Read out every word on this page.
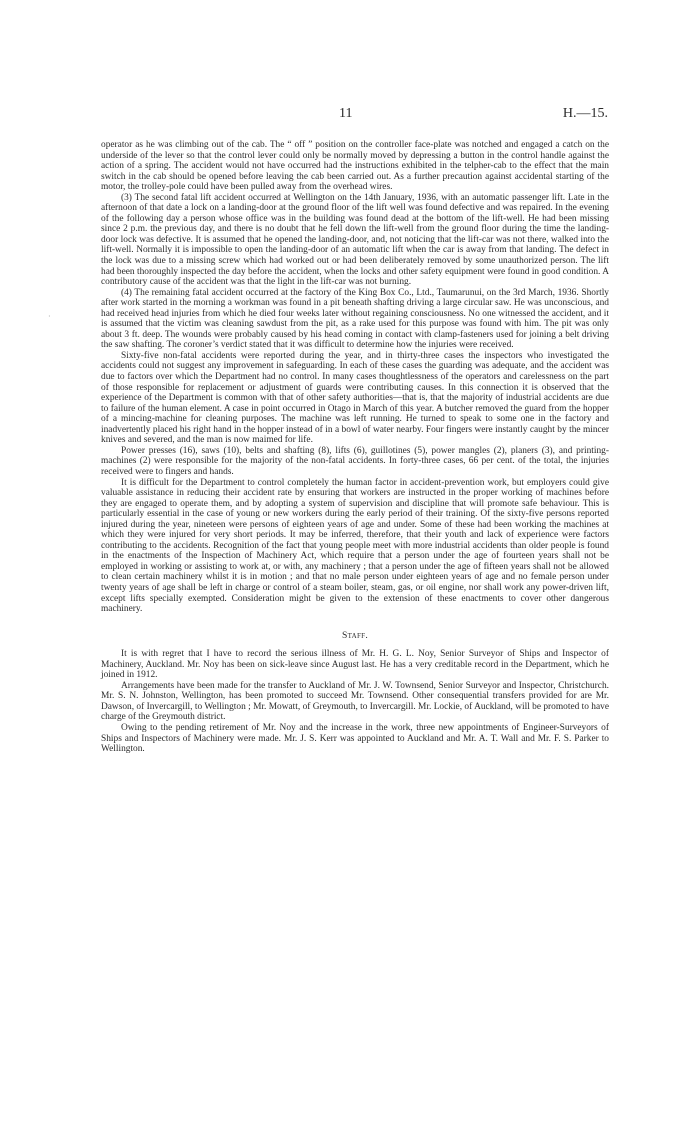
11	H.—15.
·

operator as he was climbing out of the cab. The “ off ” position on the controller face-plate was notched and engaged a catch on the underside of the lever so that the control lever could only be normally moved by depressing a button in the control handle against the action of a spring. The accident would not have occurred had the instructions exhibited in the telpher-cab to the effect that the main switch in the cab should be opened before leaving the cab been carried out. As a further precaution against accidental starting of the motor, the trolley-pole could have been pulled away from the overhead wires.

(3) The second fatal lift accident occurred at Wellington on the 14th January, 1936, with an automatic passenger lift. Late in the afternoon of that date a lock on a landing-door at the ground floor of the lift well was found defective and was repaired. In the evening of the following day a person whose office was in the building was found dead at the bottom of the lift-well. He had been missing since 2 p.m. the previous day, and there is no doubt that he fell down the lift-well from the ground floor during the time the landing-door lock was defective. It is assumed that he opened the landing-door, and, not noticing that the lift-car was not there, walked into the lift-well. Normally it is impossible to open the landing-door of an automatic lift when the car is away from that landing. The defect in the lock was due to a missing screw which had worked out or had been deliberately removed by some unauthorized person. The lift had been thoroughly inspected the day before the accident, when the locks and other safety equipment were found in good condition. A contributory cause of the accident was that the light in the lift-car was not burning.

(4) The remaining fatal accident occurred at the factory of the King Box Co., Ltd., Taumarunui, on the 3rd March, 1936. Shortly after work started in the morning a workman was found in a pit beneath shafting driving a large circular saw. He was unconscious, and had received head injuries from which he died four weeks later without regaining consciousness. No one witnessed the accident, and it is assumed that the victim was cleaning sawdust from the pit, as a rake used for this purpose was found with him. The pit was only about 3 ft. deep. The wounds were probably caused by his head coming in contact with clamp-fasteners used for joining a belt driving the saw shafting. The coroner’s verdict stated that it was difficult to determine how the injuries were received.

Sixty-five non-fatal accidents were reported during the year, and in thirty-three cases the inspectors who investigated the accidents could not suggest any improvement in safeguarding. In each of these cases the guarding was adequate, and the accident was due to factors over which the Department had no control. In many cases thoughtlessness of the operators and carelessness on the part of those responsible for replacement or adjustment of guards were contributing causes. In this connection it is observed that the experience of the Department is common with that of other safety authorities—that is, that the majority of industrial accidents are due to failure of the human element. A case in point occurred in Otago in March of this year. A butcher removed the guard from the hopper of a mincing-machine for cleaning purposes. The machine was left running. He turned to speak to some one in the factory and inadvertently placed his right hand in the hopper instead of in a bowl of water nearby. Four fingers were instantly caught by the mincer knives and severed, and the man is now maimed for life.

Power presses (16), saws (10), belts and shafting (8), lifts (6), guillotines (5), power mangles (2), planers (3), and printing-machines (2) were responsible for the majority of the non-fatal accidents. In forty-three cases, 66 per cent. of the total, the injuries received were to fingers and hands.

It is difficult for the Department to control completely the human factor in accident-prevention work, but employers could give valuable assistance in reducing their accident rate by ensuring that workers are instructed in the proper working of machines before they are engaged to operate them, and by adopting a system of supervision and discipline that will promote safe behaviour. This is particularly essential in the case of young or new workers during the early period of their training. Of the sixty-five persons reported injured during the year, nineteen were persons of eighteen years of age and under. Some of these had been working the machines at which they were injured for very short periods. It may be inferred, therefore, that their youth and lack of experience were factors contributing to the accidents. Recognition of the fact that young people meet with more industrial accidents than older people is found in the enactments of the Inspection of Machinery Act, which require that a person under the age of fourteen years shall not be employed in working or assisting to work at, or with, any machinery ; that a person under the age of fifteen years shall not be allowed to clean certain machinery whilst it is in motion ; and that no male person under eighteen years of age and no female person under twenty years of age shall be left in charge or control of a steam boiler, steam, gas, or oil engine, nor shall work any power-driven lift, except lifts specially exempted. Consideration might be given to the extension of these enactments to cover other dangerous machinery.

Staff.

It is with regret that I have to record the serious illness of Mr. H. G. L. Noy, Senior Surveyor of Ships and Inspector of Machinery, Auckland. Mr. Noy has been on sick-leave since August last. He has a very creditable record in the Department, which he joined in 1912.

Arrangements have been made for the transfer to Auckland of Mr. J. W. Townsend, Senior Surveyor and Inspector, Christchurch. Mr. S. N. Johnston, Wellington, has been promoted to succeed Mr. Townsend. Other consequential transfers provided for are Mr. Dawson, of Invercargill, to Wellington ; Mr. Mowatt, of Greymouth, to Invercargill. Mr. Lockie, of Auckland, will be promoted to have charge of the Greymouth district.

Owing to the pending retirement of Mr. Noy and the increase in the work, three new appointments of Engineer-Surveyors of Ships and Inspectors of Machinery were made. Mr. J. S. Kerr was appointed to Auckland and Mr. A. T. Wall and Mr. F. S. Parker to Wellington.
